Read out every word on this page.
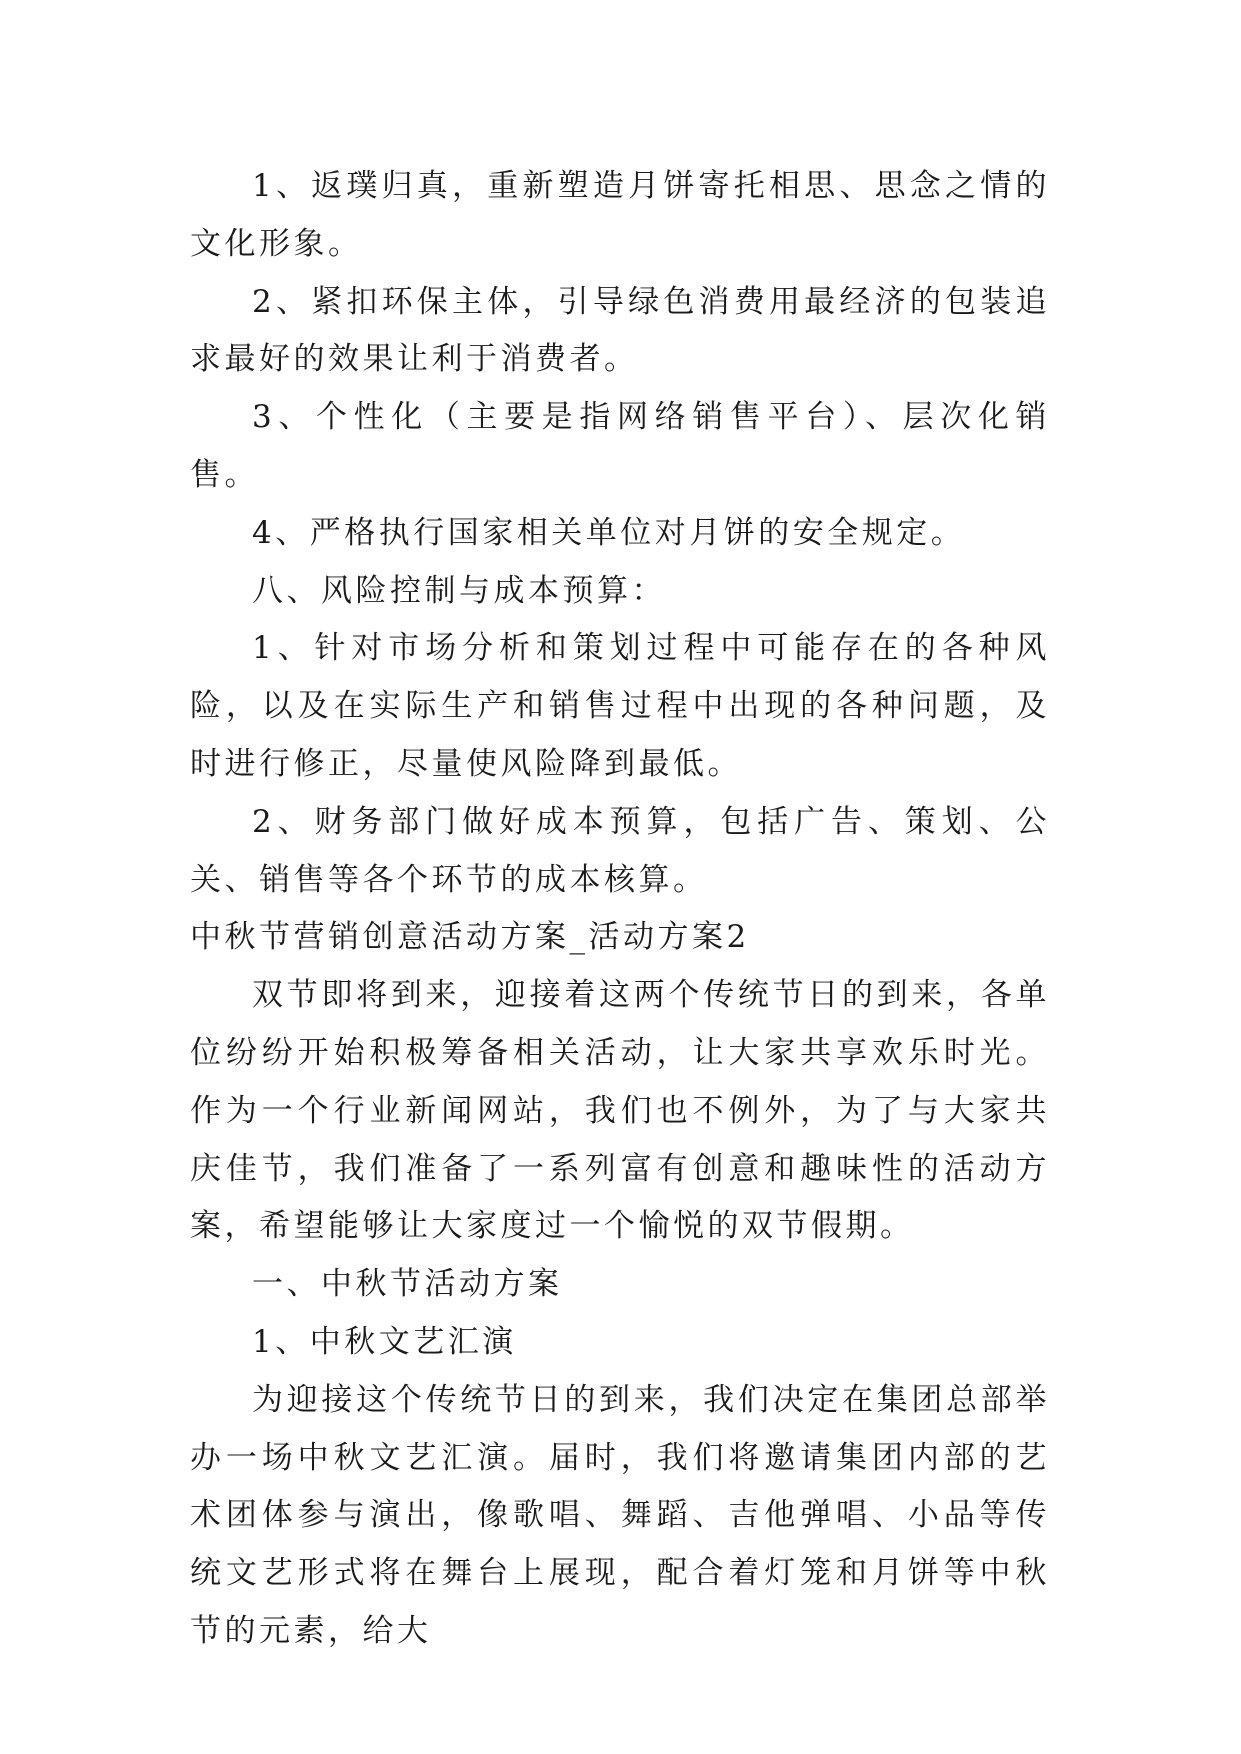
1、返璞归真，重新塑造月饼寄托相思、思念之情的文化形象。

2、紧扣环保主体，引导绿色消费用最经济的包装追求最好的效果让利于消费者。

3、个性化（主要是指网络销售平台）、层次化销售。

4、严格执行国家相关单位对月饼的安全规定。

八、风险控制与成本预算：

1、针对市场分析和策划过程中可能存在的各种风险，以及在实际生产和销售过程中出现的各种问题，及时进行修正，尽量使风险降到最低。

2、财务部门做好成本预算，包括广告、策划、公关、销售等各个环节的成本核算。

中秋节营销创意活动方案_活动方案2

双节即将到来，迎接着这两个传统节日的到来，各单位纷纷开始积极筹备相关活动，让大家共享欢乐时光。作为一个行业新闻网站，我们也不例外，为了与大家共庆佳节，我们准备了一系列富有创意和趣味性的活动方案，希望能够让大家度过一个愉悦的双节假期。

一、中秋节活动方案

1、中秋文艺汇演

为迎接这个传统节日的到来，我们决定在集团总部举办一场中秋文艺汇演。届时，我们将邀请集团内部的艺术团体参与演出，像歌唱、舞蹈、吉他弹唱、小品等传统文艺形式将在舞台上展现，配合着灯笼和月饼等中秋节的元素，给大
